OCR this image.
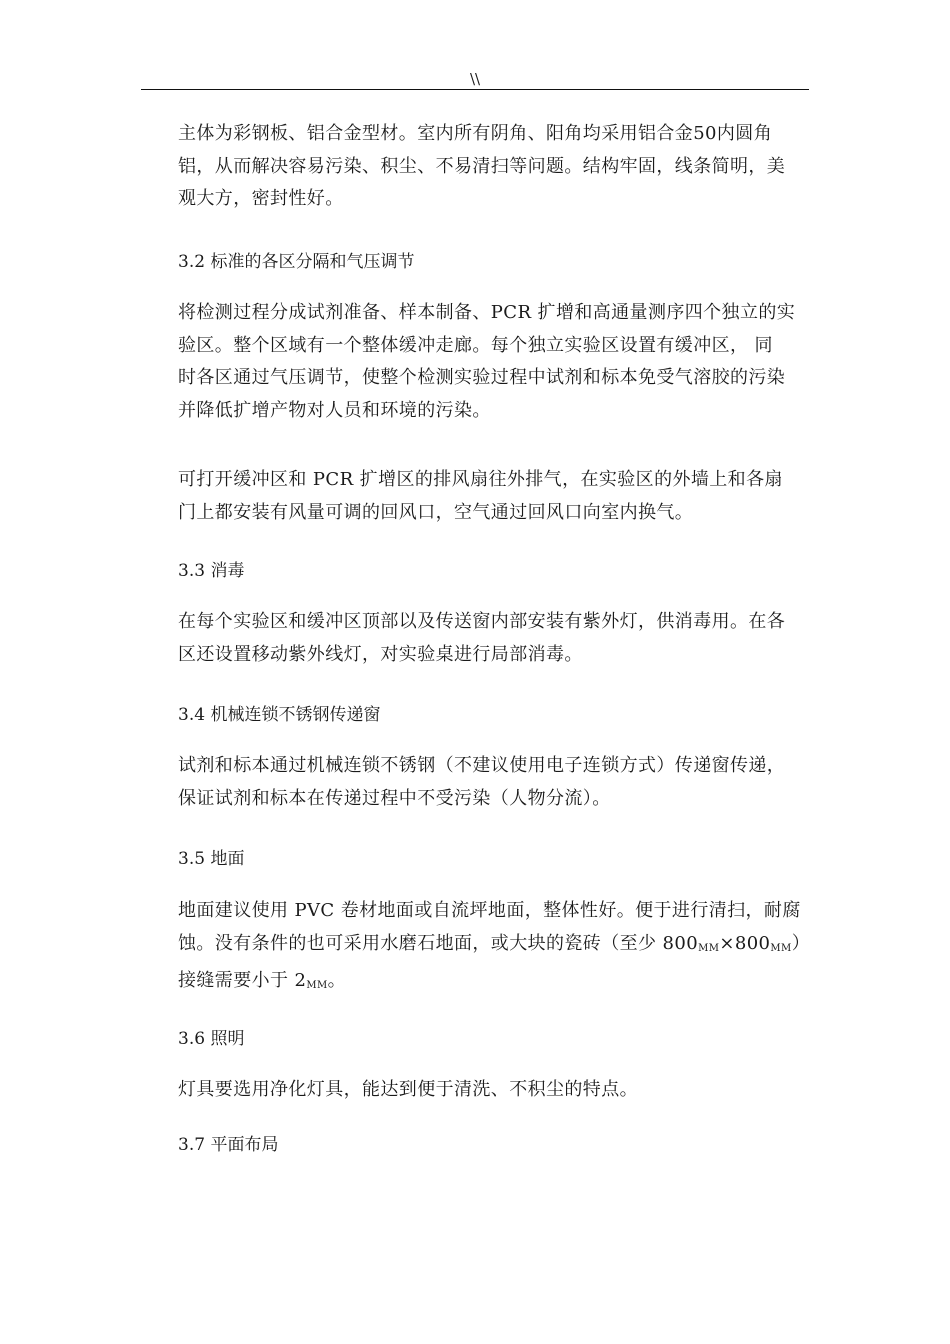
\\
主体为彩钢板、铝合金型材。室内所有阴角、阳角均采用铝合金50内圆角
铝，从而解决容易污染、积尘、不易清扫等问题。结构牢固，线条简明，美
观大方，密封性好。
3.2 标准的各区分隔和气压调节
将检测过程分成试剂准备、样本制备、PCR 扩增和高通量测序四个独立的实
验区。整个区域有一个整体缓冲走廊。每个独立实验区设置有缓冲区， 同
时各区通过气压调节，使整个检测实验过程中试剂和标本免受气溶胶的污染
并降低扩增产物对人员和环境的污染。
可打开缓冲区和 PCR 扩增区的排风扇往外排气，在实验区的外墙上和各扇
门上都安装有风量可调的回风口，空气通过回风口向室内换气。
3.3 消毒
在每个实验区和缓冲区顶部以及传送窗内部安装有紫外灯，供消毒用。在各
区还设置移动紫外线灯，对实验桌进行局部消毒。
3.4 机械连锁不锈钢传递窗
试剂和标本通过机械连锁不锈钢（不建议使用电子连锁方式）传递窗传递，
保证试剂和标本在传递过程中不受污染（人物分流）。
3.5 地面
地面建议使用 PVC 卷材地面或自流坪地面，整体性好。便于进行清扫，耐腐
蚀。没有条件的也可采用水磨石地面，或大块的瓷砖（至少 $800_{MM}\times 800_{MM}$）
接缝需要小于 $2_{MM}$。
3.6 照明
灯具要选用净化灯具，能达到便于清洗、不积尘的特点。
3.7 平面布局
